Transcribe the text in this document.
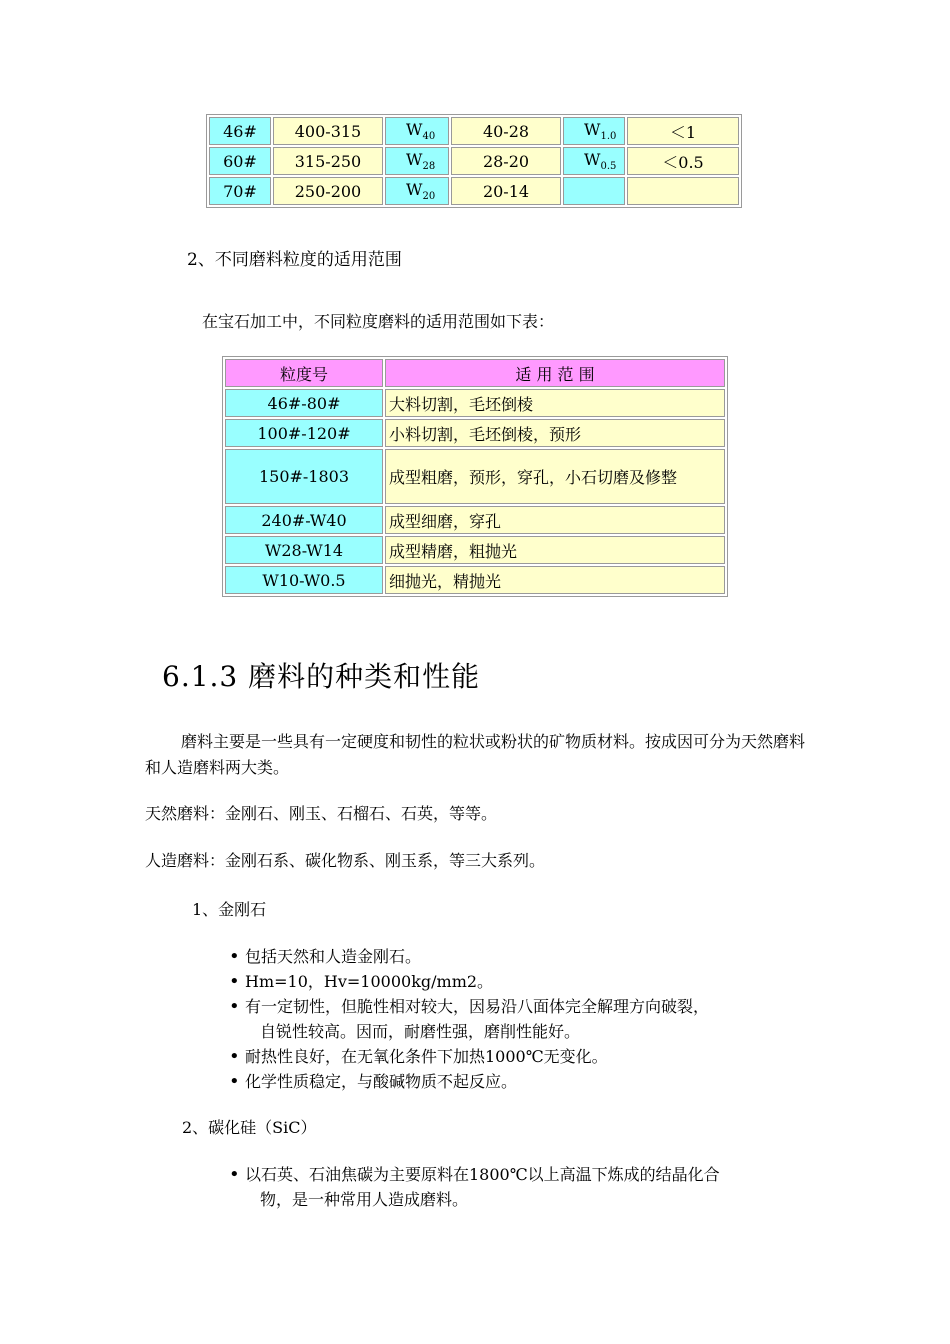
46#	400-315	$W_{40}$	40-28	$W_{1.0}$	＜1
60#	315-250	$W_{28}$	28-20	$W_{0.5}$	＜0.5
70#	250-200	$W_{20}$	20-14		
2、不同磨料粒度的适用范围
在宝石加工中，不同粒度磨料的适用范围如下表：
粒度号	适 用 范 围
46#-80#	大料切割，毛坯倒棱
100#-120#	小料切割，毛坯倒棱，预形
150#-1803	成型粗磨，预形，穿孔，小石切磨及修整
240#-W40	成型细磨，穿孔
W28-W14	成型精磨，粗抛光
W10-W0.5	细抛光，精抛光
6.1.3 磨料的种类和性能
磨料主要是一些具有一定硬度和韧性的粒状或粉状的矿物质材料。按成因可分为天然磨料和人造磨料两大类。
天然磨料：金刚石、刚玉、石榴石、石英，等等。
人造磨料：金刚石系、碳化物系、刚玉系，等三大系列。
1、金刚石
• 包括天然和人造金刚石。
• Hm=10，Hv=10000kg/mm2。
• 有一定韧性，但脆性相对较大，因易沿八面体完全解理方向破裂，
自锐性较高。因而，耐磨性强，磨削性能好。
• 耐热性良好，在无氧化条件下加热1000℃无变化。
• 化学性质稳定，与酸碱物质不起反应。
2、碳化硅（SiC）
• 以石英、石油焦碳为主要原料在1800℃以上高温下炼成的结晶化合
物，是一种常用人造成磨料。
